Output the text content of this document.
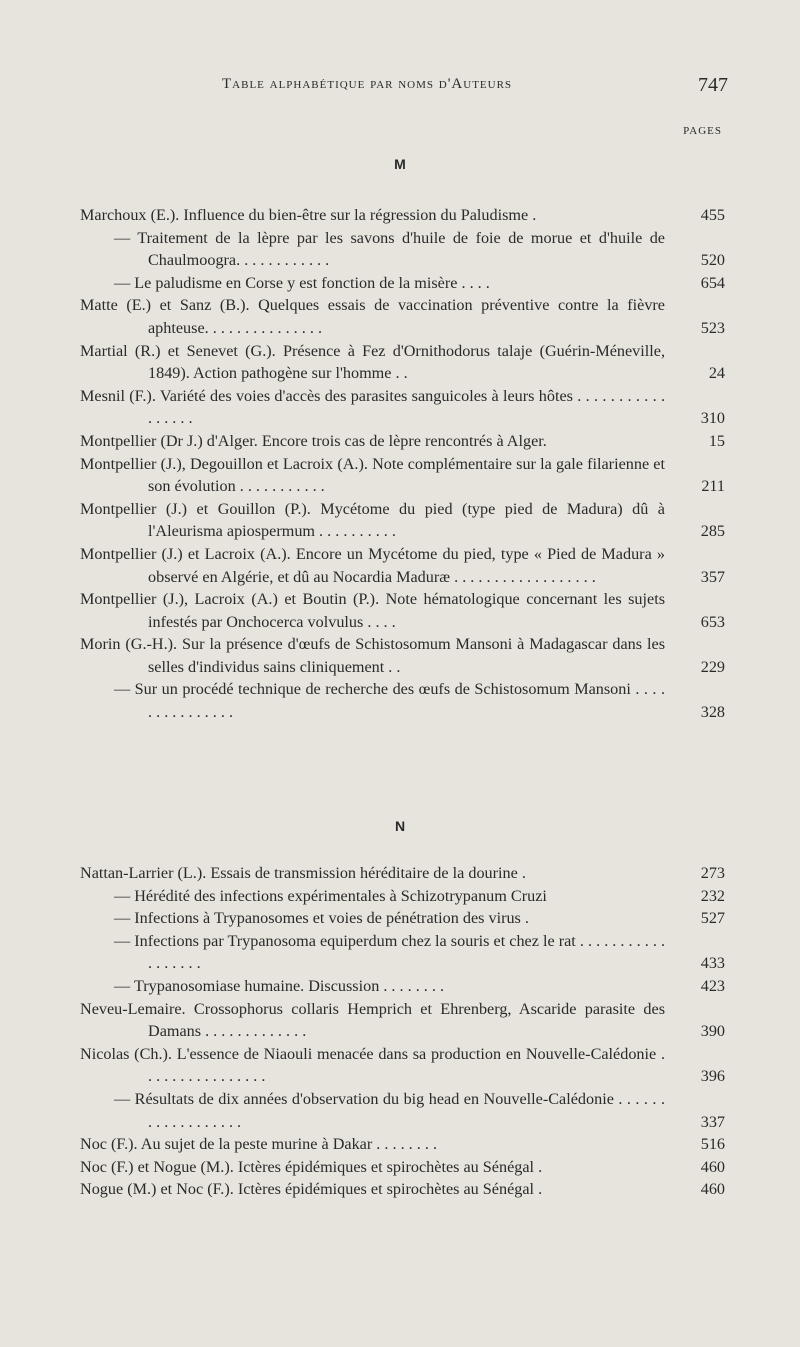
Table alphabétique par noms d'Auteurs	747
PAGES
M
Marchoux (E.). Influence du bien-être sur la régression du Paludisme .	455
— Traitement de la lèpre par les savons d'huile de foie de morue et d'huile de Chaulmoogra. . . . . . . . . . . .	520
— Le paludisme en Corse y est fonction de la misère . . . .	654
Matte (E.) et Sanz (B.). Quelques essais de vaccination préventive contre la fièvre aphteuse. . . . . . . . . . . . . . .	523
Martial (R.) et Senevet (G.). Présence à Fez d'Ornithodorus talaje (Guérin-Méneville, 1849). Action pathogène sur l'homme . .	24
Mesnil (F.). Variété des voies d'accès des parasites sanguicoles à leurs hôtes . . . . . . . . . . . . . . . . .	310
Montpellier (Dr J.) d'Alger. Encore trois cas de lèpre rencontrés à Alger.	15
Montpellier (J.), Degouillon et Lacroix (A.). Note complémentaire sur la gale filarienne et son évolution . . . . . . . . . . .	211
Montpellier (J.) et Gouillon (P.). Mycétome du pied (type pied de Madura) dû à l'Aleurisma apiospermum . . . . . . . . . .	285
Montpellier (J.) et Lacroix (A.). Encore un Mycétome du pied, type « Pied de Madura » observé en Algérie, et dû au Nocardia Maduræ . . . . . . . . . . . . . . . . . .	357
Montpellier (J.), Lacroix (A.) et Boutin (P.). Note hématologique concernant les sujets infestés par Onchocerca volvulus . . . .	653
Morin (G.-H.). Sur la présence d'œufs de Schistosomum Mansoni à Madagascar dans les selles d'individus sains cliniquement . .	229
— Sur un procédé technique de recherche des œufs de Schistosomum Mansoni . . . . . . . . . . . . . . .	328
N
Nattan-Larrier (L.). Essais de transmission héréditaire de la dourine .	273
— Hérédité des infections expérimentales à Schizotrypanum Cruzi	232
— Infections à Trypanosomes et voies de pénétration des virus .	527
— Infections par Trypanosoma equiperdum chez la souris et chez le rat . . . . . . . . . . . . . . . . . .	433
— Trypanosomiase humaine. Discussion . . . . . . . .	423
Neveu-Lemaire. Crossophorus collaris Hemprich et Ehrenberg, Ascaride parasite des Damans . . . . . . . . . . . . .	390
Nicolas (Ch.). L'essence de Niaouli menacée dans sa production en Nouvelle-Calédonie . . . . . . . . . . . . . . . .	396
— Résultats de dix années d'observation du big head en Nouvelle-Calédonie . . . . . . . . . . . . . . . . . .	337
Noc (F.). Au sujet de la peste murine à Dakar . . . . . . . .	516
Noc (F.) et Nogue (M.). Ictères épidémiques et spirochètes au Sénégal .	460
Nogue (M.) et Noc (F.). Ictères épidémiques et spirochètes au Sénégal .	460
